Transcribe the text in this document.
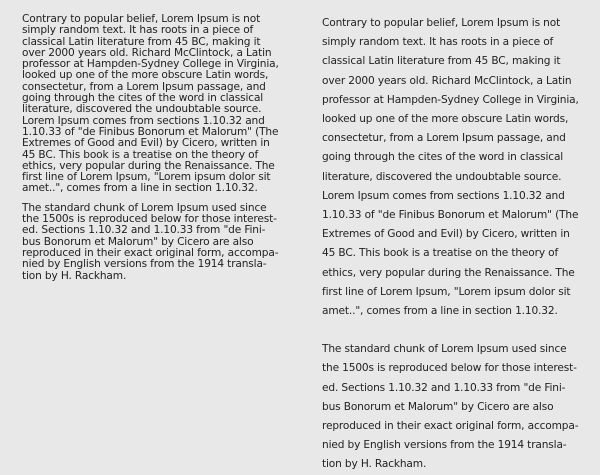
Contrary to popular belief, Lorem Ipsum is not
simply random text. It has roots in a piece of
classical Latin literature from 45 BC, making it
over 2000 years old. Richard McClintock, a Latin
professor at Hampden-Sydney College in Virginia,
looked up one of the more obscure Latin words,
consectetur, from a Lorem Ipsum passage, and
going through the cites of the word in classical
literature, discovered the undoubtable source.
Lorem Ipsum comes from sections 1.10.32 and
1.10.33 of "de Finibus Bonorum et Malorum" (The
Extremes of Good and Evil) by Cicero, written in
45 BC. This book is a treatise on the theory of
ethics, very popular during the Renaissance. The
first line of Lorem Ipsum, "Lorem ipsum dolor sit
amet..", comes from a line in section 1.10.32.

The standard chunk of Lorem Ipsum used since
the 1500s is reproduced below for those interest-
ed. Sections 1.10.32 and 1.10.33 from "de Fini-
bus Bonorum et Malorum" by Cicero are also
reproduced in their exact original form, accompa-
nied by English versions from the 1914 transla-
tion by H. Rackham.

Contrary to popular belief, Lorem Ipsum is not
simply random text. It has roots in a piece of
classical Latin literature from 45 BC, making it
over 2000 years old. Richard McClintock, a Latin
professor at Hampden-Sydney College in Virginia,
looked up one of the more obscure Latin words,
consectetur, from a Lorem Ipsum passage, and
going through the cites of the word in classical
literature, discovered the undoubtable source.
Lorem Ipsum comes from sections 1.10.32 and
1.10.33 of "de Finibus Bonorum et Malorum" (The
Extremes of Good and Evil) by Cicero, written in
45 BC. This book is a treatise on the theory of
ethics, very popular during the Renaissance. The
first line of Lorem Ipsum, "Lorem ipsum dolor sit
amet..", comes from a line in section 1.10.32.

The standard chunk of Lorem Ipsum used since
the 1500s is reproduced below for those interest-
ed. Sections 1.10.32 and 1.10.33 from "de Fini-
bus Bonorum et Malorum" by Cicero are also
reproduced in their exact original form, accompa-
nied by English versions from the 1914 transla-
tion by H. Rackham.
